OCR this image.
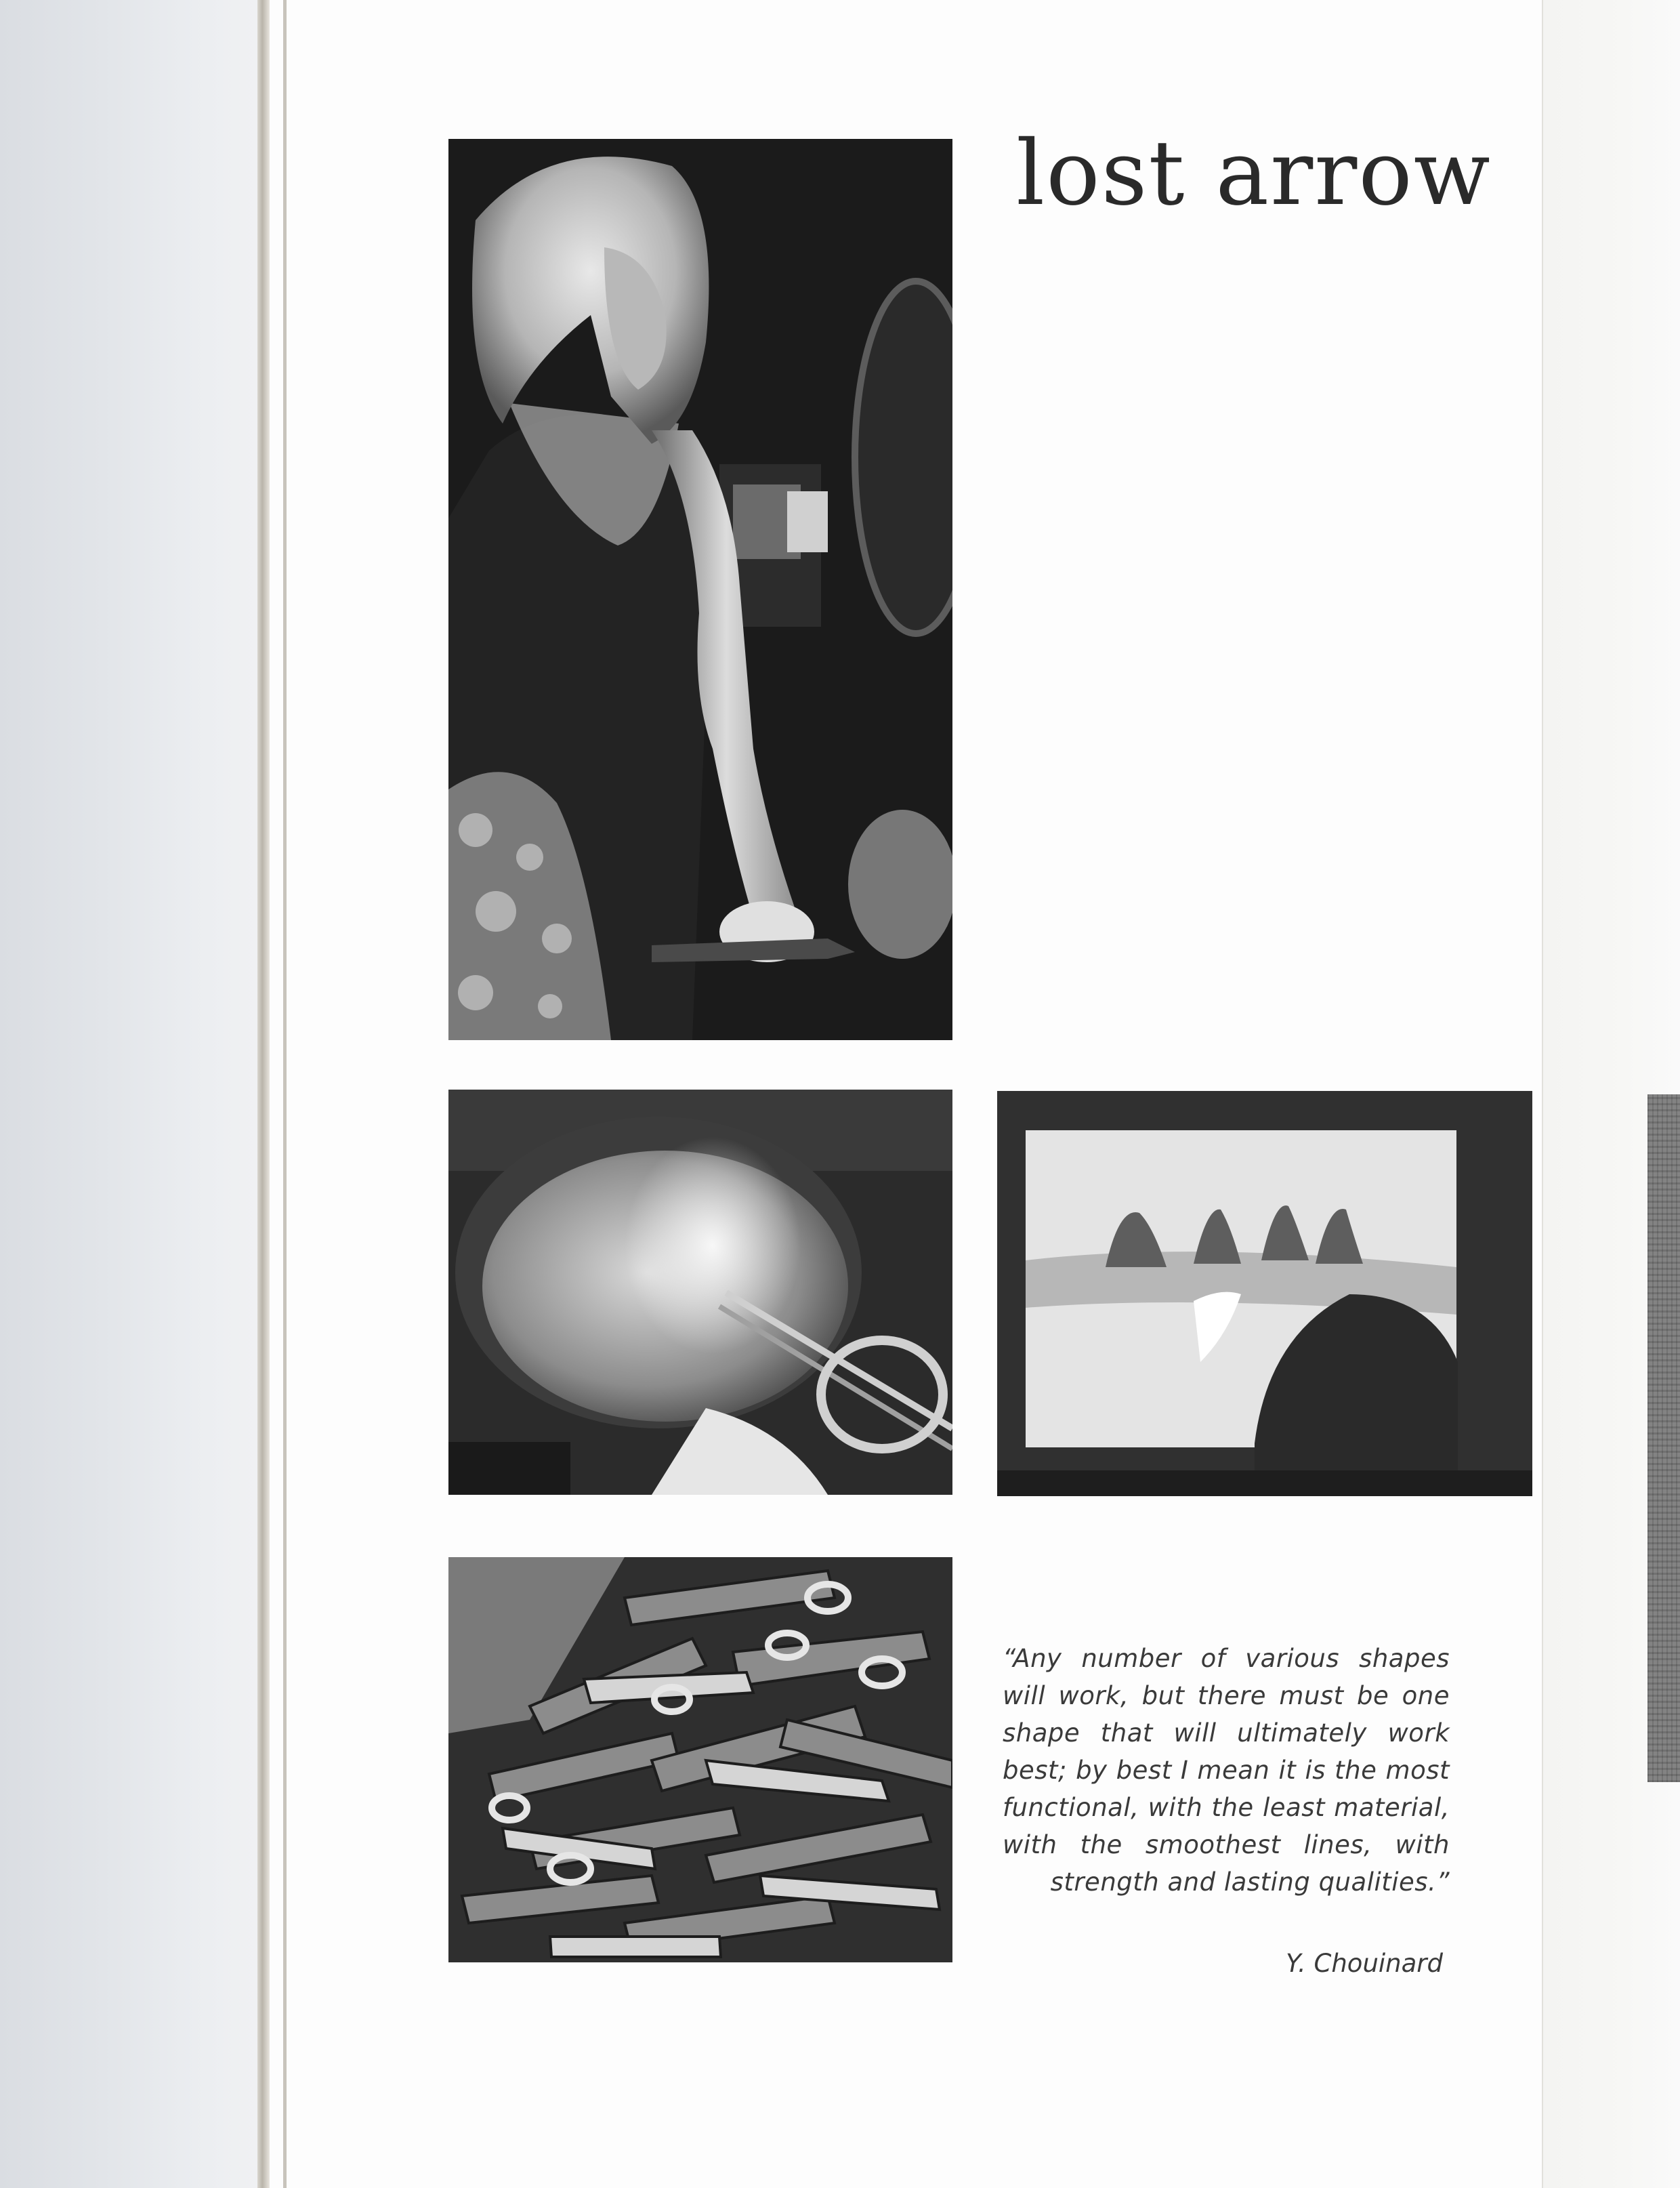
lost arrow
“Any number of various shapes will work, but there must be one shape that will ultimately work best; by best I mean it is the most functional, with the least material, with the smoothest lines, with strength and lasting qualities.”
Y. Chouinard
